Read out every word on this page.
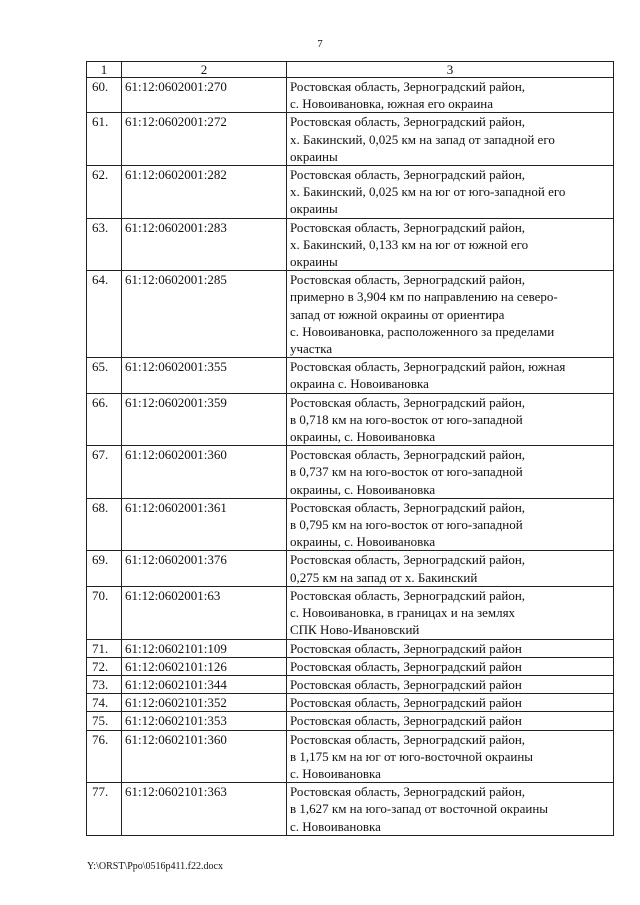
7
1	2	3
60.	61:12:0602001:270	Ростовская область, Зерноградский район,
с. Новоивановка, южная его окраина

61.	61:12:0602001:272	Ростовская область, Зерноградский район,
х. Бакинский, 0,025 км на запад от западной его
окраины

62.	61:12:0602001:282	Ростовская область, Зерноградский район,
х. Бакинский, 0,025 км на юг от юго-западной его
окраины

63.	61:12:0602001:283	Ростовская область, Зерноградский район,
х. Бакинский, 0,133 км на юг от южной его
окраины

64.	61:12:0602001:285	Ростовская область, Зерноградский район,
примерно в 3,904 км по направлению на северо-
запад от южной окраины от ориентира
с. Новоивановка, расположенного за пределами
участка

65.	61:12:0602001:355	Ростовская область, Зерноградский район, южная
окраина с. Новоивановка

66.	61:12:0602001:359	Ростовская область, Зерноградский район,
в 0,718 км на юго-восток от юго-западной
окраины, с. Новоивановка

67.	61:12:0602001:360	Ростовская область, Зерноградский район,
в 0,737 км на юго-восток от юго-западной
окраины, с. Новоивановка

68.	61:12:0602001:361	Ростовская область, Зерноградский район,
в 0,795 км на юго-восток от юго-западной
окраины, с. Новоивановка

69.	61:12:0602001:376	Ростовская область, Зерноградский район,
0,275 км на запад от х. Бакинский

70.	61:12:0602001:63	Ростовская область, Зерноградский район,
с. Новоивановка, в границах и на землях
СПК Ново-Ивановский

71.	61:12:0602101:109	Ростовская область, Зерноградский район

72.	61:12:0602101:126	Ростовская область, Зерноградский район

73.	61:12:0602101:344	Ростовская область, Зерноградский район

74.	61:12:0602101:352	Ростовская область, Зерноградский район

75.	61:12:0602101:353	Ростовская область, Зерноградский район

76.	61:12:0602101:360	Ростовская область, Зерноградский район,
в 1,175 км на юг от юго-восточной окраины
с. Новоивановка

77.	61:12:0602101:363	Ростовская область, Зерноградский район,
в 1,627 км на юго-запад от восточной окраины
с. Новоивановка
Y:\ORST\Ppo\0516p411.f22.docx
